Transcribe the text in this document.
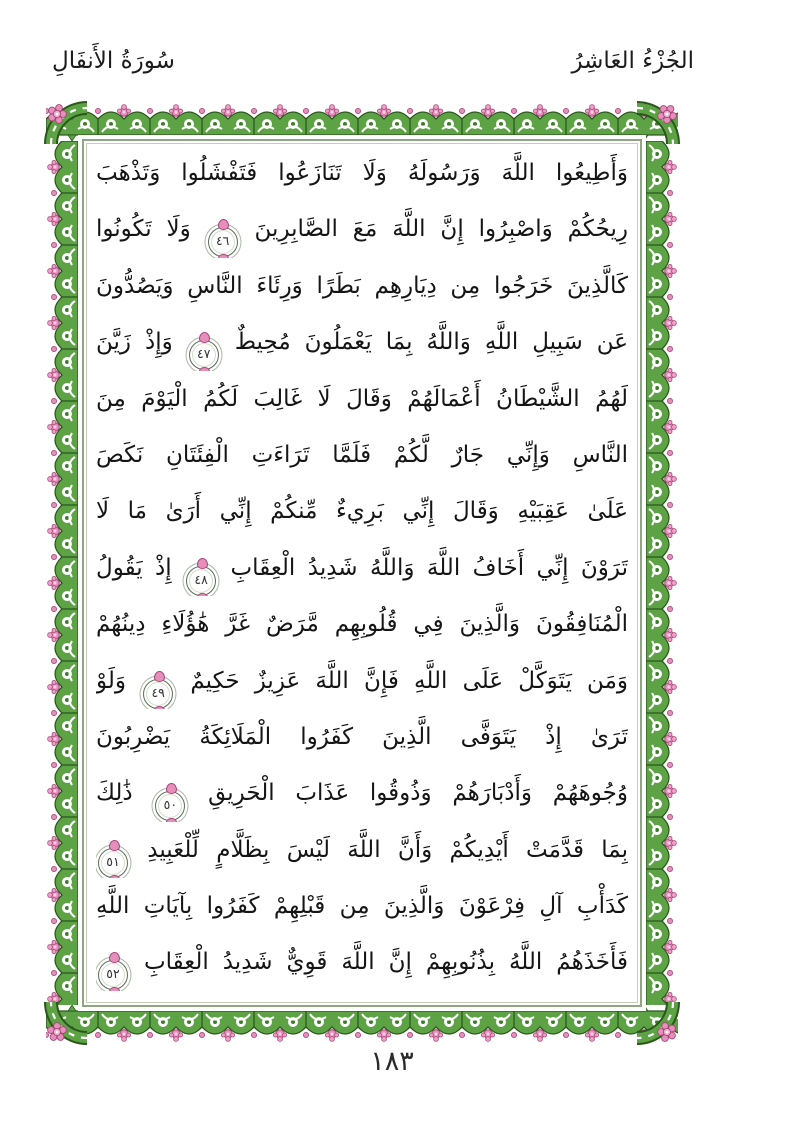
الجُزْءُ العَاشِرُ
سُورَةُ الأَنفَالِ
وَأَطِيعُوا اللَّهَ وَرَسُولَهُ وَلَا تَنَازَعُوا فَتَفْشَلُوا وَتَذْهَبَ
رِيحُكُمْ وَاصْبِرُوا إِنَّ اللَّهَ مَعَ الصَّابِرِينَ ٤٦ وَلَا تَكُونُوا
كَالَّذِينَ خَرَجُوا مِن دِيَارِهِم بَطَرًا وَرِئَاءَ النَّاسِ وَيَصُدُّونَ
عَن سَبِيلِ اللَّهِ وَاللَّهُ بِمَا يَعْمَلُونَ مُحِيطٌ ٤٧ وَإِذْ زَيَّنَ
لَهُمُ الشَّيْطَانُ أَعْمَالَهُمْ وَقَالَ لَا غَالِبَ لَكُمُ الْيَوْمَ مِنَ
النَّاسِ وَإِنِّي جَارٌ لَّكُمْ فَلَمَّا تَرَاءَتِ الْفِئَتَانِ نَكَصَ
عَلَىٰ عَقِبَيْهِ وَقَالَ إِنِّي بَرِيءٌ مِّنكُمْ إِنِّي أَرَىٰ مَا لَا
تَرَوْنَ إِنِّي أَخَافُ اللَّهَ وَاللَّهُ شَدِيدُ الْعِقَابِ ٤٨ إِذْ يَقُولُ
الْمُنَافِقُونَ وَالَّذِينَ فِي قُلُوبِهِم مَّرَضٌ غَرَّ هَٰؤُلَاءِ دِينُهُمْ
وَمَن يَتَوَكَّلْ عَلَى اللَّهِ فَإِنَّ اللَّهَ عَزِيزٌ حَكِيمٌ ٤٩ وَلَوْ
تَرَىٰ إِذْ يَتَوَفَّى الَّذِينَ كَفَرُوا الْمَلَائِكَةُ يَضْرِبُونَ
وُجُوهَهُمْ وَأَدْبَارَهُمْ وَذُوقُوا عَذَابَ الْحَرِيقِ ٥٠ ذَٰلِكَ
بِمَا قَدَّمَتْ أَيْدِيكُمْ وَأَنَّ اللَّهَ لَيْسَ بِظَلَّامٍ لِّلْعَبِيدِ ٥١
كَدَأْبِ آلِ فِرْعَوْنَ وَالَّذِينَ مِن قَبْلِهِمْ كَفَرُوا بِآيَاتِ اللَّهِ
فَأَخَذَهُمُ اللَّهُ بِذُنُوبِهِمْ إِنَّ اللَّهَ قَوِيٌّ شَدِيدُ الْعِقَابِ ٥٢
١٨٣
